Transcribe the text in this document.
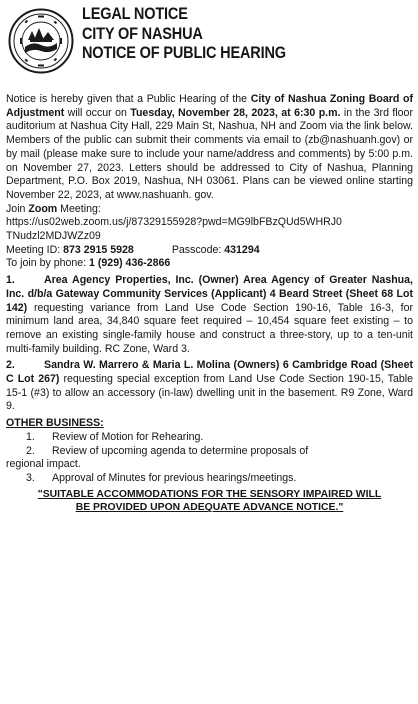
LEGAL NOTICE
CITY OF NASHUA
NOTICE OF PUBLIC HEARING

Notice is hereby given that a Public Hearing of the City of Nashua Zoning Board of Adjustment will occur on Tuesday, November 28, 2023, at 6:30 p.m. in the 3rd floor auditorium at Nashua City Hall, 229 Main St, Nashua, NH and Zoom via the link below. Members of the public can submit their comments via email to (zb@nashuanh.gov) or by mail (please make sure to include your name/address and comments) by 5:00 p.m. on November 27, 2023. Letters should be addressed to City of Nashua, Planning Department, P.O. Box 2019, Nashua, NH 03061. Plans can be viewed online starting November 22, 2023, at www.nashuanh. gov.

Join Zoom Meeting:

https://us02web.zoom.us/j/87329155928?pwd=MG9lbFBzQUd5WHRJ0

TNudzl2MDJWZz09

Meeting ID: 873 2915 5928	Passcode: 431294

To join by phone: 1 (929) 436-2866

1.	Area Agency Properties, Inc. (Owner) Area Agency of Greater Nashua, Inc. d/b/a Gateway Community Services (Applicant) 4 Beard Street (Sheet 68 Lot 142) requesting variance from Land Use Code Section 190-16, Table 16-3, for minimum land area, 34,840 square feet required – 10,454 square feet existing – to remove an existing single-family house and construct a three-story, up to a ten-unit multi-family building. RC Zone, Ward 3.

2.	Sandra W. Marrero & Maria L. Molina (Owners) 6 Cambridge Road (Sheet C Lot 267) requesting special exception from Land Use Code Section 190-15, Table 15-1 (#3) to allow an accessory (in-law) dwelling unit in the basement. R9 Zone, Ward 9.

OTHER BUSINESS:

1.	Review of Motion for Rehearing.
2.	Review of upcoming agenda to determine proposals of

regional impact.

3.	Approval of Minutes for previous hearings/meetings.

"SUITABLE ACCOMMODATIONS FOR THE SENSORY IMPAIRED WILL

BE PROVIDED UPON ADEQUATE ADVANCE NOTICE."
